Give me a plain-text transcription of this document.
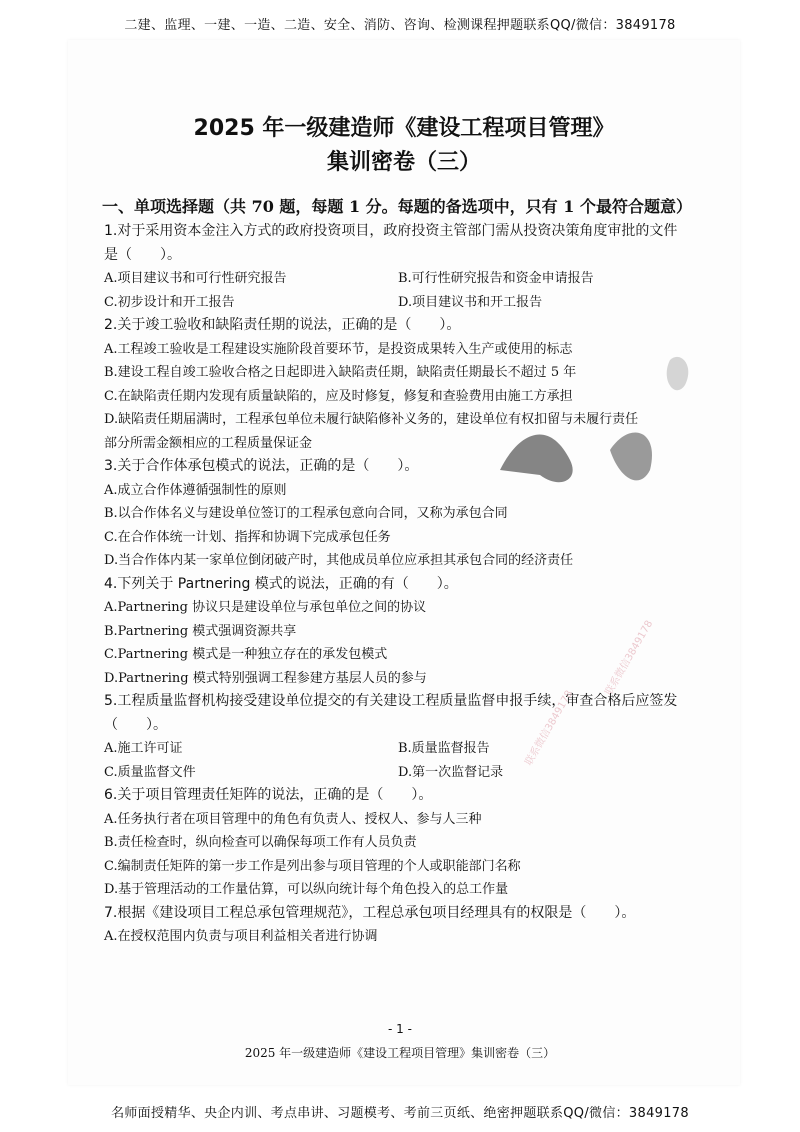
二建、监理、一建、一造、二造、安全、消防、咨询、检测课程押题联系QQ/微信：3849178
联系微信3849178
联系微信3849178
2025 年一级建造师《建设工程项目管理》
集训密卷（三）
一、单项选择题（共 70 题，每题 1 分。每题的备选项中，只有 1 个最符合题意）

1.对于采用资本金注入方式的政府投资项目，政府投资主管部门需从投资决策角度审批的文件

是（　　）。

A.项目建议书和可行性研究报告	B.可行性研究报告和资金申请报告

C.初步设计和开工报告	D.项目建议书和开工报告

2.关于竣工验收和缺陷责任期的说法，正确的是（　　）。

A.工程竣工验收是工程建设实施阶段首要环节，是投资成果转入生产或使用的标志

B.建设工程自竣工验收合格之日起即进入缺陷责任期，缺陷责任期最长不超过 5 年

C.在缺陷责任期内发现有质量缺陷的，应及时修复，修复和查验费用由施工方承担

D.缺陷责任期届满时，工程承包单位未履行缺陷修补义务的，建设单位有权扣留与未履行责任

部分所需金额相应的工程质量保证金

3.关于合作体承包模式的说法，正确的是（　　）。

A.成立合作体遵循强制性的原则

B.以合作体名义与建设单位签订的工程承包意向合同，又称为承包合同

C.在合作体统一计划、指挥和协调下完成承包任务

D.当合作体内某一家单位倒闭破产时，其他成员单位应承担其承包合同的经济责任

4.下列关于 Partnering 模式的说法，正确的有（　　）。

A.Partnering 协议只是建设单位与承包单位之间的协议

B.Partnering 模式强调资源共享

C.Partnering 模式是一种独立存在的承发包模式

D.Partnering 模式特别强调工程参建方基层人员的参与

5.工程质量监督机构接受建设单位提交的有关建设工程质量监督申报手续，审查合格后应签发

（　　）。

A.施工许可证	B.质量监督报告

C.质量监督文件	D.第一次监督记录

6.关于项目管理责任矩阵的说法，正确的是（　　）。

A.任务执行者在项目管理中的角色有负责人、授权人、参与人三种

B.责任检查时，纵向检查可以确保每项工作有人员负责

C.编制责任矩阵的第一步工作是列出参与项目管理的个人或职能部门名称

D.基于管理活动的工作量估算，可以纵向统计每个角色投入的总工作量

7.根据《建设项目工程总承包管理规范》，工程总承包项目经理具有的权限是（　　）。

A.在授权范围内负责与项目利益相关者进行协调

- 1 -
2025 年一级建造师《建设工程项目管理》集训密卷（三）
名师面授精华、央企内训、考点串讲、习题模考、考前三页纸、绝密押题联系QQ/微信：3849178
